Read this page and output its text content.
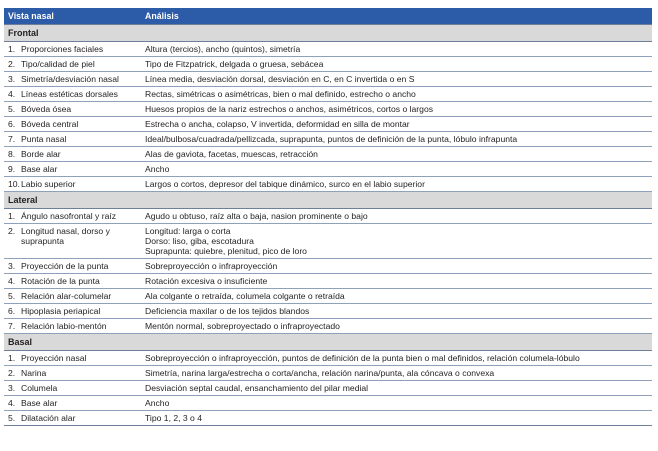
Vista nasal	Análisis
Frontal	
1. Proporciones faciales	Altura (tercios), ancho (quintos), simetría

2. Tipo/calidad de piel	Tipo de Fitzpatrick, delgada o gruesa, sebácea

3. Simetría/desviación nasal	Línea media, desviación dorsal, desviación en C, en C invertida o en S

4. Líneas estéticas dorsales	Rectas, simétricas o asimétricas, bien o mal definido, estrecho o ancho

5. Bóveda ósea	Huesos propios de la nariz estrechos o anchos, asimétricos, cortos o largos

6. Bóveda central	Estrecha o ancha, colapso, V invertida, deformidad en silla de montar

7. Punta nasal	Ideal/bulbosa/cuadrada/pellizcada, suprapunta, puntos de definición de la punta, lóbulo infrapunta

8. Borde alar	Alas de gaviota, facetas, muescas, retracción

9. Base alar	Ancho

10.Labio superior	Largos o cortos, depresor del tabique dinámico, surco en el labio superior

Lateral	
1. Ángulo nasofrontal y raíz	Agudo u obtuso, raíz alta o baja, nasion prominente o bajo

2. Longitud nasal, dorso y suprapunta	Longitud: larga o corta
Dorso: liso, giba, escotadura
Suprapunta: quiebre, plenitud, pico de loro

3. Proyección de la punta	Sobreproyección o infraproyección

4. Rotación de la punta	Rotación excesiva o insuficiente

5. Relación alar-columelar	Ala colgante o retraída, columela colgante o retraída

6. Hipoplasia periapical	Deficiencia maxilar o de los tejidos blandos

7. Relación labio-mentón	Mentón normal, sobreproyectado o infraproyectado

Basal	
1. Proyección nasal	Sobreproyección o infraproyección, puntos de definición de la punta bien o mal definidos, relación columela-lóbulo

2. Narina	Simetría, narina larga/estrecha o corta/ancha, relación narina/punta, ala cóncava o convexa

3. Columela	Desviación septal caudal, ensanchamiento del pilar medial

4. Base alar	Ancho

5. Dilatación alar	Tipo 1, 2, 3 o 4
